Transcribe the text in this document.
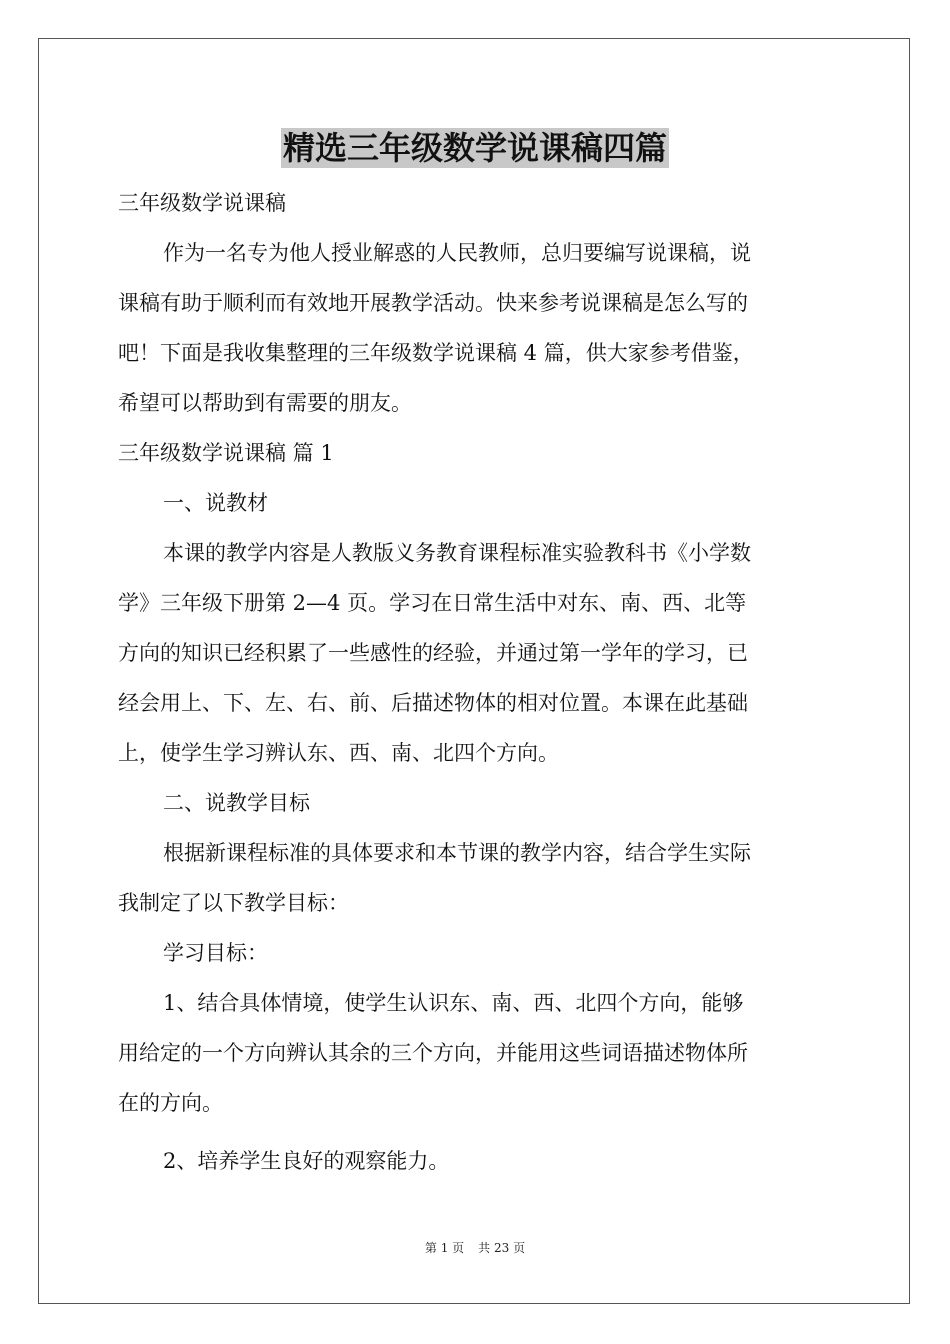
精选三年级数学说课稿四篇

三年级数学说课稿

作为一名专为他人授业解惑的人民教师，总归要编写说课稿，说

课稿有助于顺利而有效地开展教学活动。快来参考说课稿是怎么写的

吧！下面是我收集整理的三年级数学说课稿 4 篇，供大家参考借鉴，

希望可以帮助到有需要的朋友。

三年级数学说课稿 篇 1

一、说教材

本课的教学内容是人教版义务教育课程标准实验教科书《小学数

学》三年级下册第 2—4 页。学习在日常生活中对东、南、西、北等

方向的知识已经积累了一些感性的经验，并通过第一学年的学习，已

经会用上、下、左、右、前、后描述物体的相对位置。本课在此基础

上，使学生学习辨认东、西、南、北四个方向。

二、说教学目标

根据新课程标准的具体要求和本节课的教学内容，结合学生实际

我制定了以下教学目标：

学习目标：

1、结合具体情境，使学生认识东、南、西、北四个方向，能够

用给定的一个方向辨认其余的三个方向，并能用这些词语描述物体所

在的方向。

2、培养学生良好的观察能力。

第 1 页 共 23 页
